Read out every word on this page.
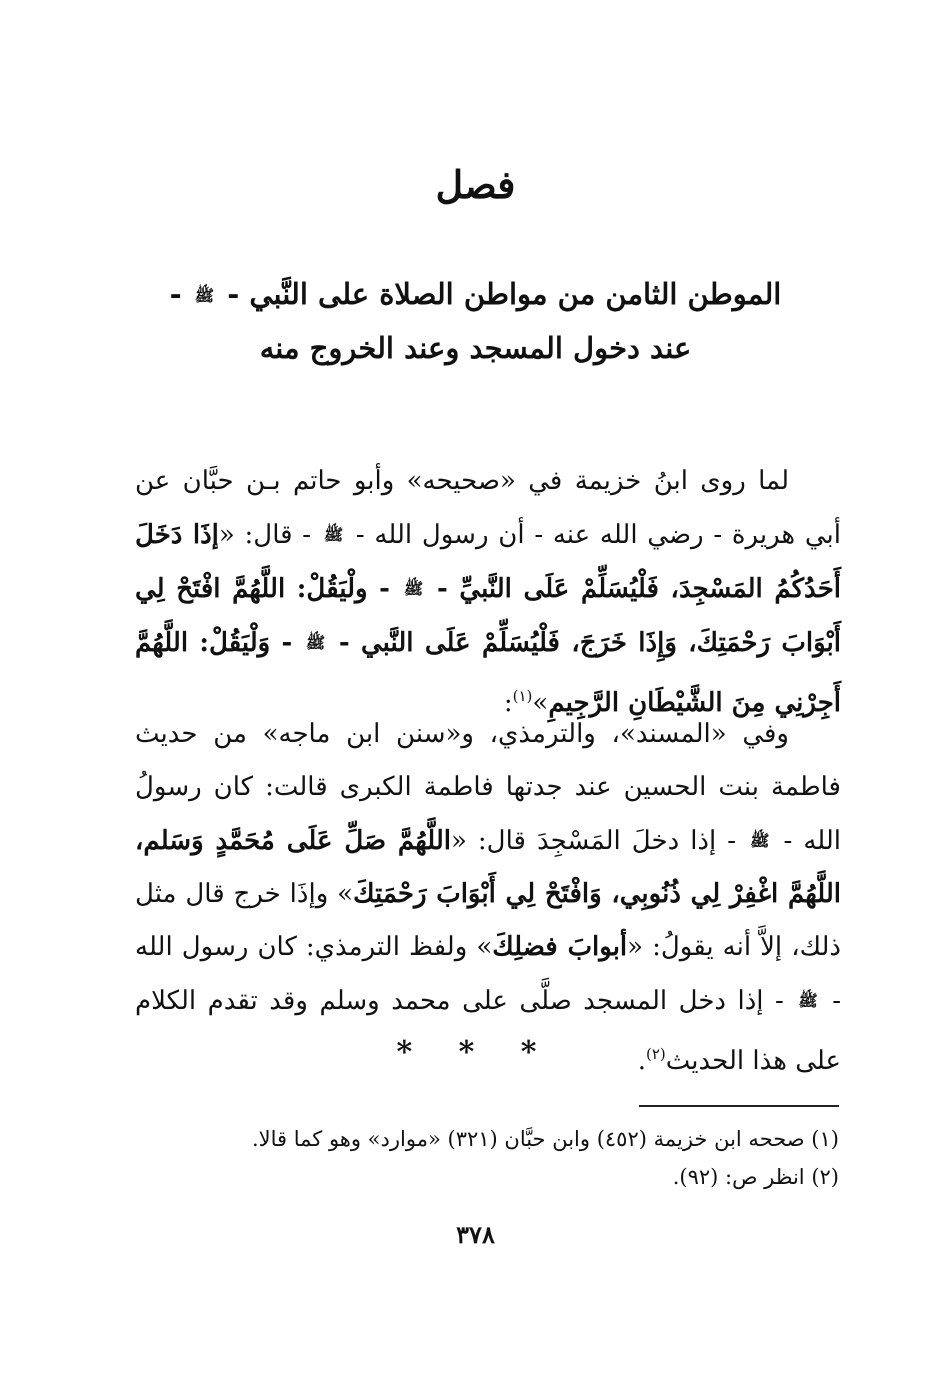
فصل
الموطن الثامن من مواطن الصلاة على النَّبي - ﷺ -
عند دخول المسجد وعند الخروج منه
لما روى ابنُ خزيمة في «صحيحه» وأبو حاتم بـن حبَّان عن أبي هريرة - رضي الله عنه - أن رسول الله - ﷺ - قال: «إذَا دَخَلَ أَحَدُكُمُ المَسْجِدَ، فَلْيُسَلِّمْ عَلَى النَّبيِّ - ﷺ - ولْيَقُلْ: اللَّهُمَّ افْتَحْ لِي أَبْوَابَ رَحْمَتِكَ، وَإِذَا خَرَجَ، فَلْيُسَلِّمْ عَلَى النَّبي - ﷺ - وَلْيَقُلْ: اللَّهُمَّ أَجِرْنِي مِنَ الشَّيْطَانِ الرَّجِيمِ»$^{(١)}$:
وفي «المسند»، والترمذي، و«سنن ابن ماجه» من حديث فاطمة بنت الحسين عند جدتها فاطمة الكبرى قالت: كان رسولُ الله - ﷺ - إذا دخلَ المَسْجِدَ قال: «اللَّهُمَّ صَلِّ عَلَى مُحَمَّدٍ وَسَلم، اللَّهُمَّ اغْفِرْ لِي ذُنُوبِي، وَافْتَحْ لِي أَبْوَابَ رَحْمَتِكَ» وإذَا خرج قال مثل ذلك، إلاَّ أنه يقولُ: «أبوابَ فضلِكَ» ولفظ الترمذي: كان رسول الله - ﷺ - إذا دخل المسجد صلَّى على محمد وسلم وقد تقدم الكلام على هذا الحديث$^{(٢)}$.
* * *
(١) صححه ابن خزيمة (٤٥٢) وابن حبَّان (٣٢١) «موارد» وهو كما قالا.
(٢) انظر ص: (٩٢).
٣٧٨
